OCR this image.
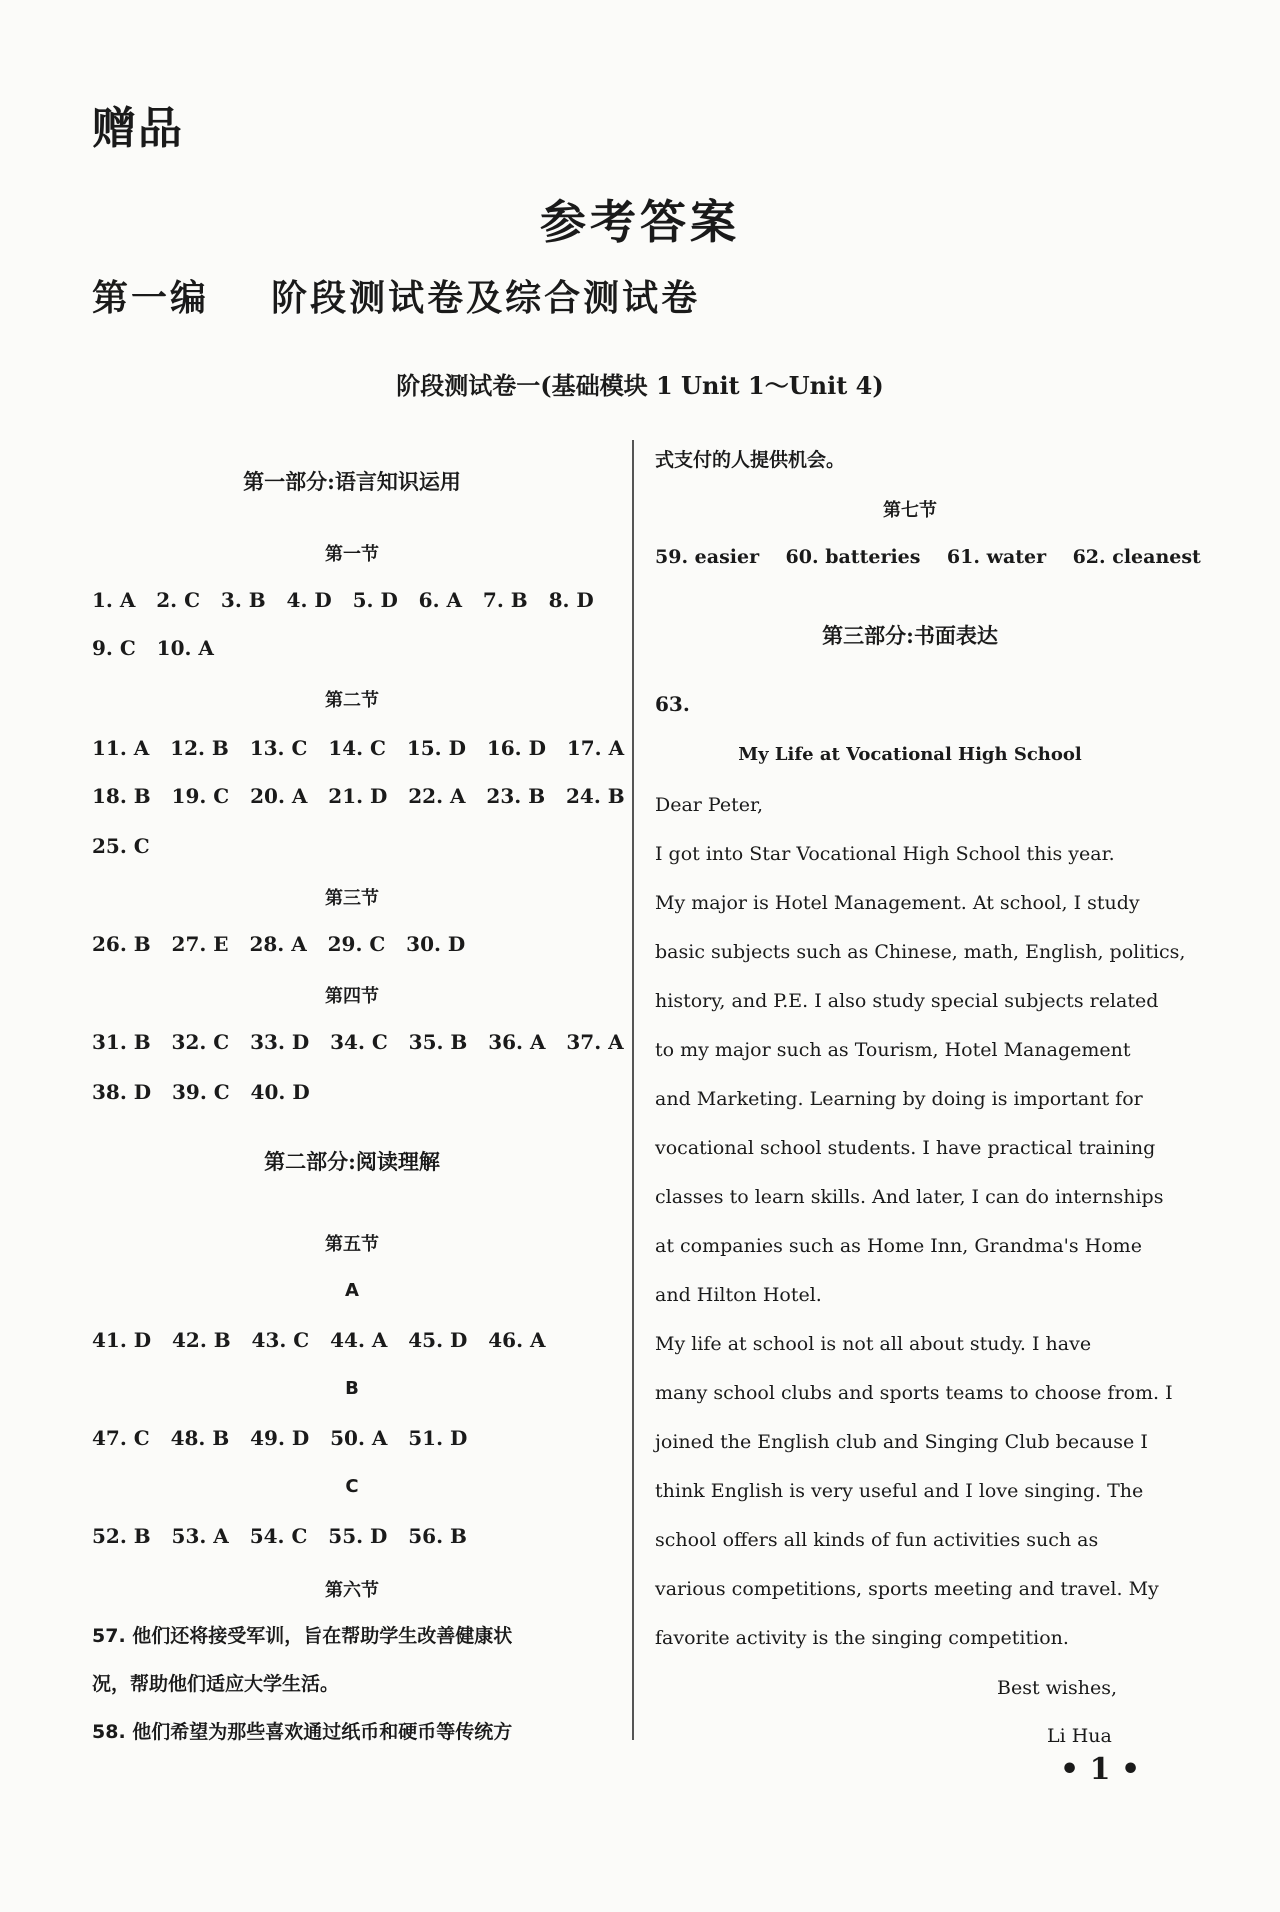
赠品
参考答案
第一编    阶段测试卷及综合测试卷
阶段测试卷一(基础模块 1 Unit 1～Unit 4)
第一部分:语言知识运用
第一节
1. A   2. C   3. B   4. D   5. D   6. A   7. B   8. D
9. C   10. A
第二节
11. A   12. B   13. C   14. C   15. D   16. D   17. A
18. B   19. C   20. A   21. D   22. A   23. B   24. B
25. C
第三节
26. B   27. E   28. A   29. C   30. D
第四节
31. B   32. C   33. D   34. C   35. B   36. A   37. A
38. D   39. C   40. D
第二部分:阅读理解
第五节
A
41. D   42. B   43. C   44. A   45. D   46. A
B
47. C   48. B   49. D   50. A   51. D
C
52. B   53. A   54. C   55. D   56. B
第六节
57. 他们还将接受军训，旨在帮助学生改善健康状
况，帮助他们适应大学生活。
58. 他们希望为那些喜欢通过纸币和硬币等传统方
式支付的人提供机会。
第七节
59. easier    60. batteries    61. water    62. cleanest
第三部分:书面表达
63.
My Life at Vocational High School
Dear Peter,
I got into Star Vocational High School this year.
My major is Hotel Management. At school, I study
basic subjects such as Chinese, math, English, politics,
history, and P.E. I also study special subjects related
to my major such as Tourism, Hotel Management
and Marketing. Learning by doing is important for
vocational school students. I have practical training
classes to learn skills. And later, I can do internships
at companies such as Home Inn, Grandma's Home
and Hilton Hotel.
My life at school is not all about study. I have
many school clubs and sports teams to choose from. I
joined the English club and Singing Club because I
think English is very useful and I love singing. The
school offers all kinds of fun activities such as
various competitions, sports meeting and travel. My
favorite activity is the singing competition.
Best wishes,
Li Hua
• 1 •
